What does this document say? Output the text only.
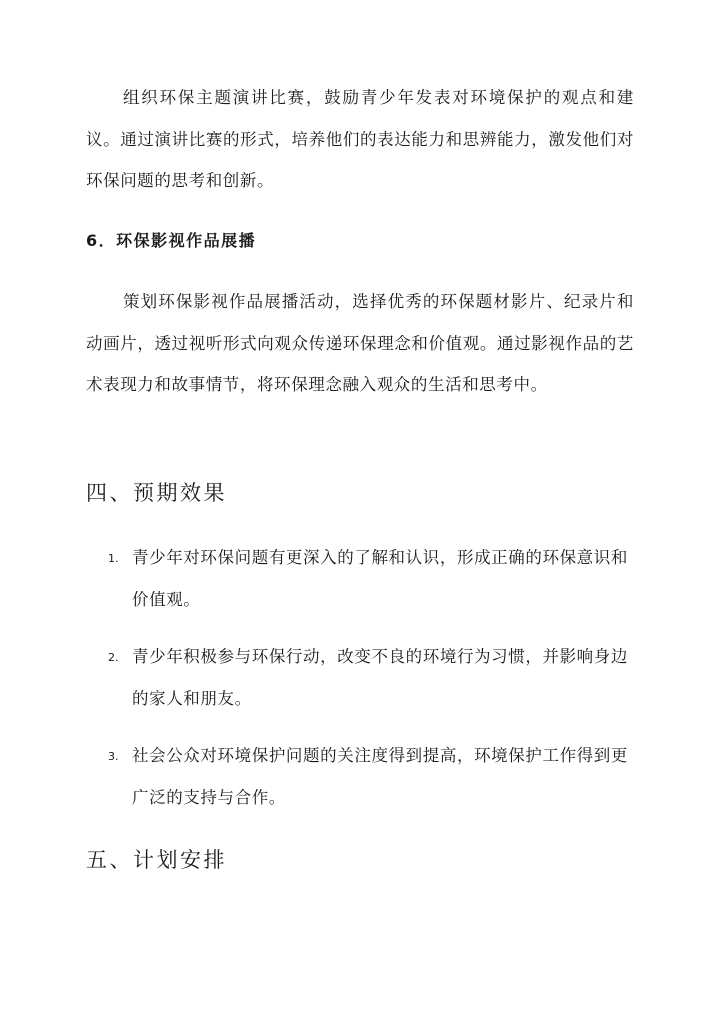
组织环保主题演讲比赛，鼓励青少年发表对环境保护的观点和建议。通过演讲比赛的形式，培养他们的表达能力和思辨能力，激发他们对环保问题的思考和创新。

6．环保影视作品展播

策划环保影视作品展播活动，选择优秀的环保题材影片、纪录片和动画片，透过视听形式向观众传递环保理念和价值观。通过影视作品的艺术表现力和故事情节，将环保理念融入观众的生活和思考中。

四、预期效果
1. 青少年对环保问题有更深入的了解和认识，形成正确的环保意识和价值观。
2. 青少年积极参与环保行动，改变不良的环境行为习惯，并影响身边的家人和朋友。
3. 社会公众对环境保护问题的关注度得到提高，环境保护工作得到更广泛的支持与合作。
五、计划安排
